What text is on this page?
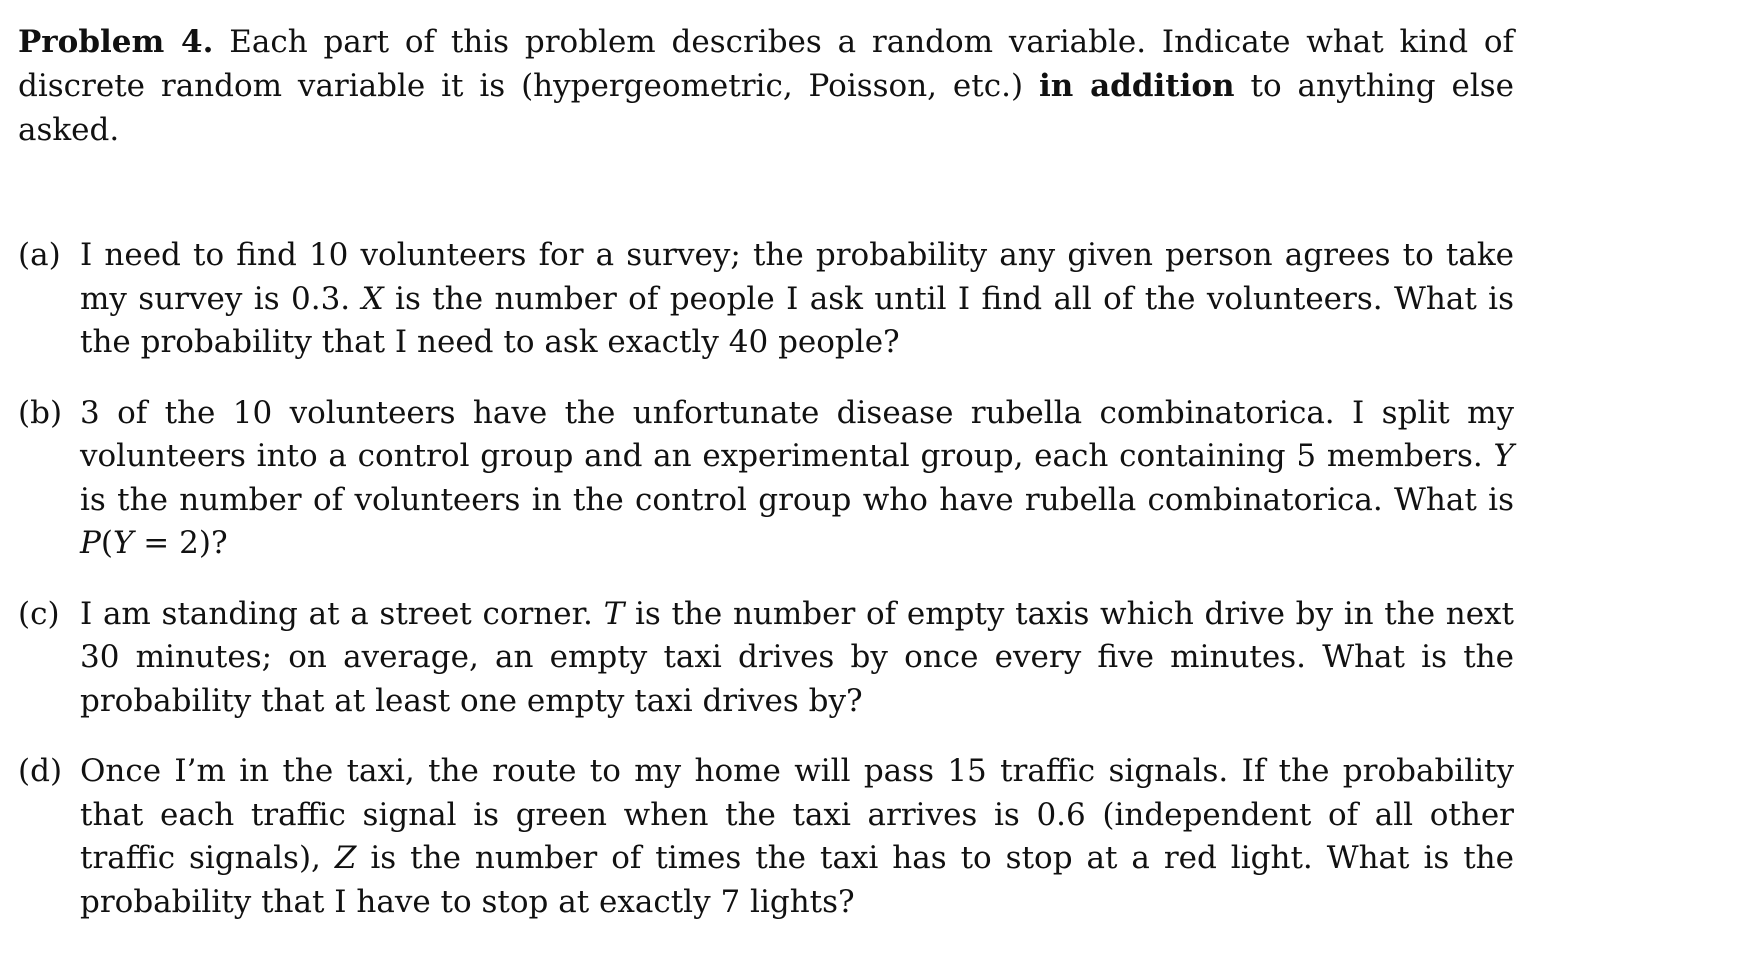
Problem 4. Each part of this problem describes a random variable. Indicate what kind of discrete random variable it is (hypergeometric, Poisson, etc.) in addition to anything else asked.

(a) I need to find 10 volunteers for a survey; the probability any given person agrees to take my survey is 0.3. X is the number of people I ask until I find all of the volunteers. What is the probability that I need to ask exactly 40 people?
(b) 3 of the 10 volunteers have the unfortunate disease rubella combinatorica. I split my volunteers into a control group and an experimental group, each containing 5 members. Y is the number of volunteers in the control group who have rubella combinatorica. What is P(Y = 2)?
(c) I am standing at a street corner. T is the number of empty taxis which drive by in the next 30 minutes; on average, an empty taxi drives by once every five minutes. What is the probability that at least one empty taxi drives by?
(d) Once I’m in the taxi, the route to my home will pass 15 traffic signals. If the probability that each traffic signal is green when the taxi arrives is 0.6 (independent of all other traffic signals), Z is the number of times the taxi has to stop at a red light. What is the probability that I have to stop at exactly 7 lights?
